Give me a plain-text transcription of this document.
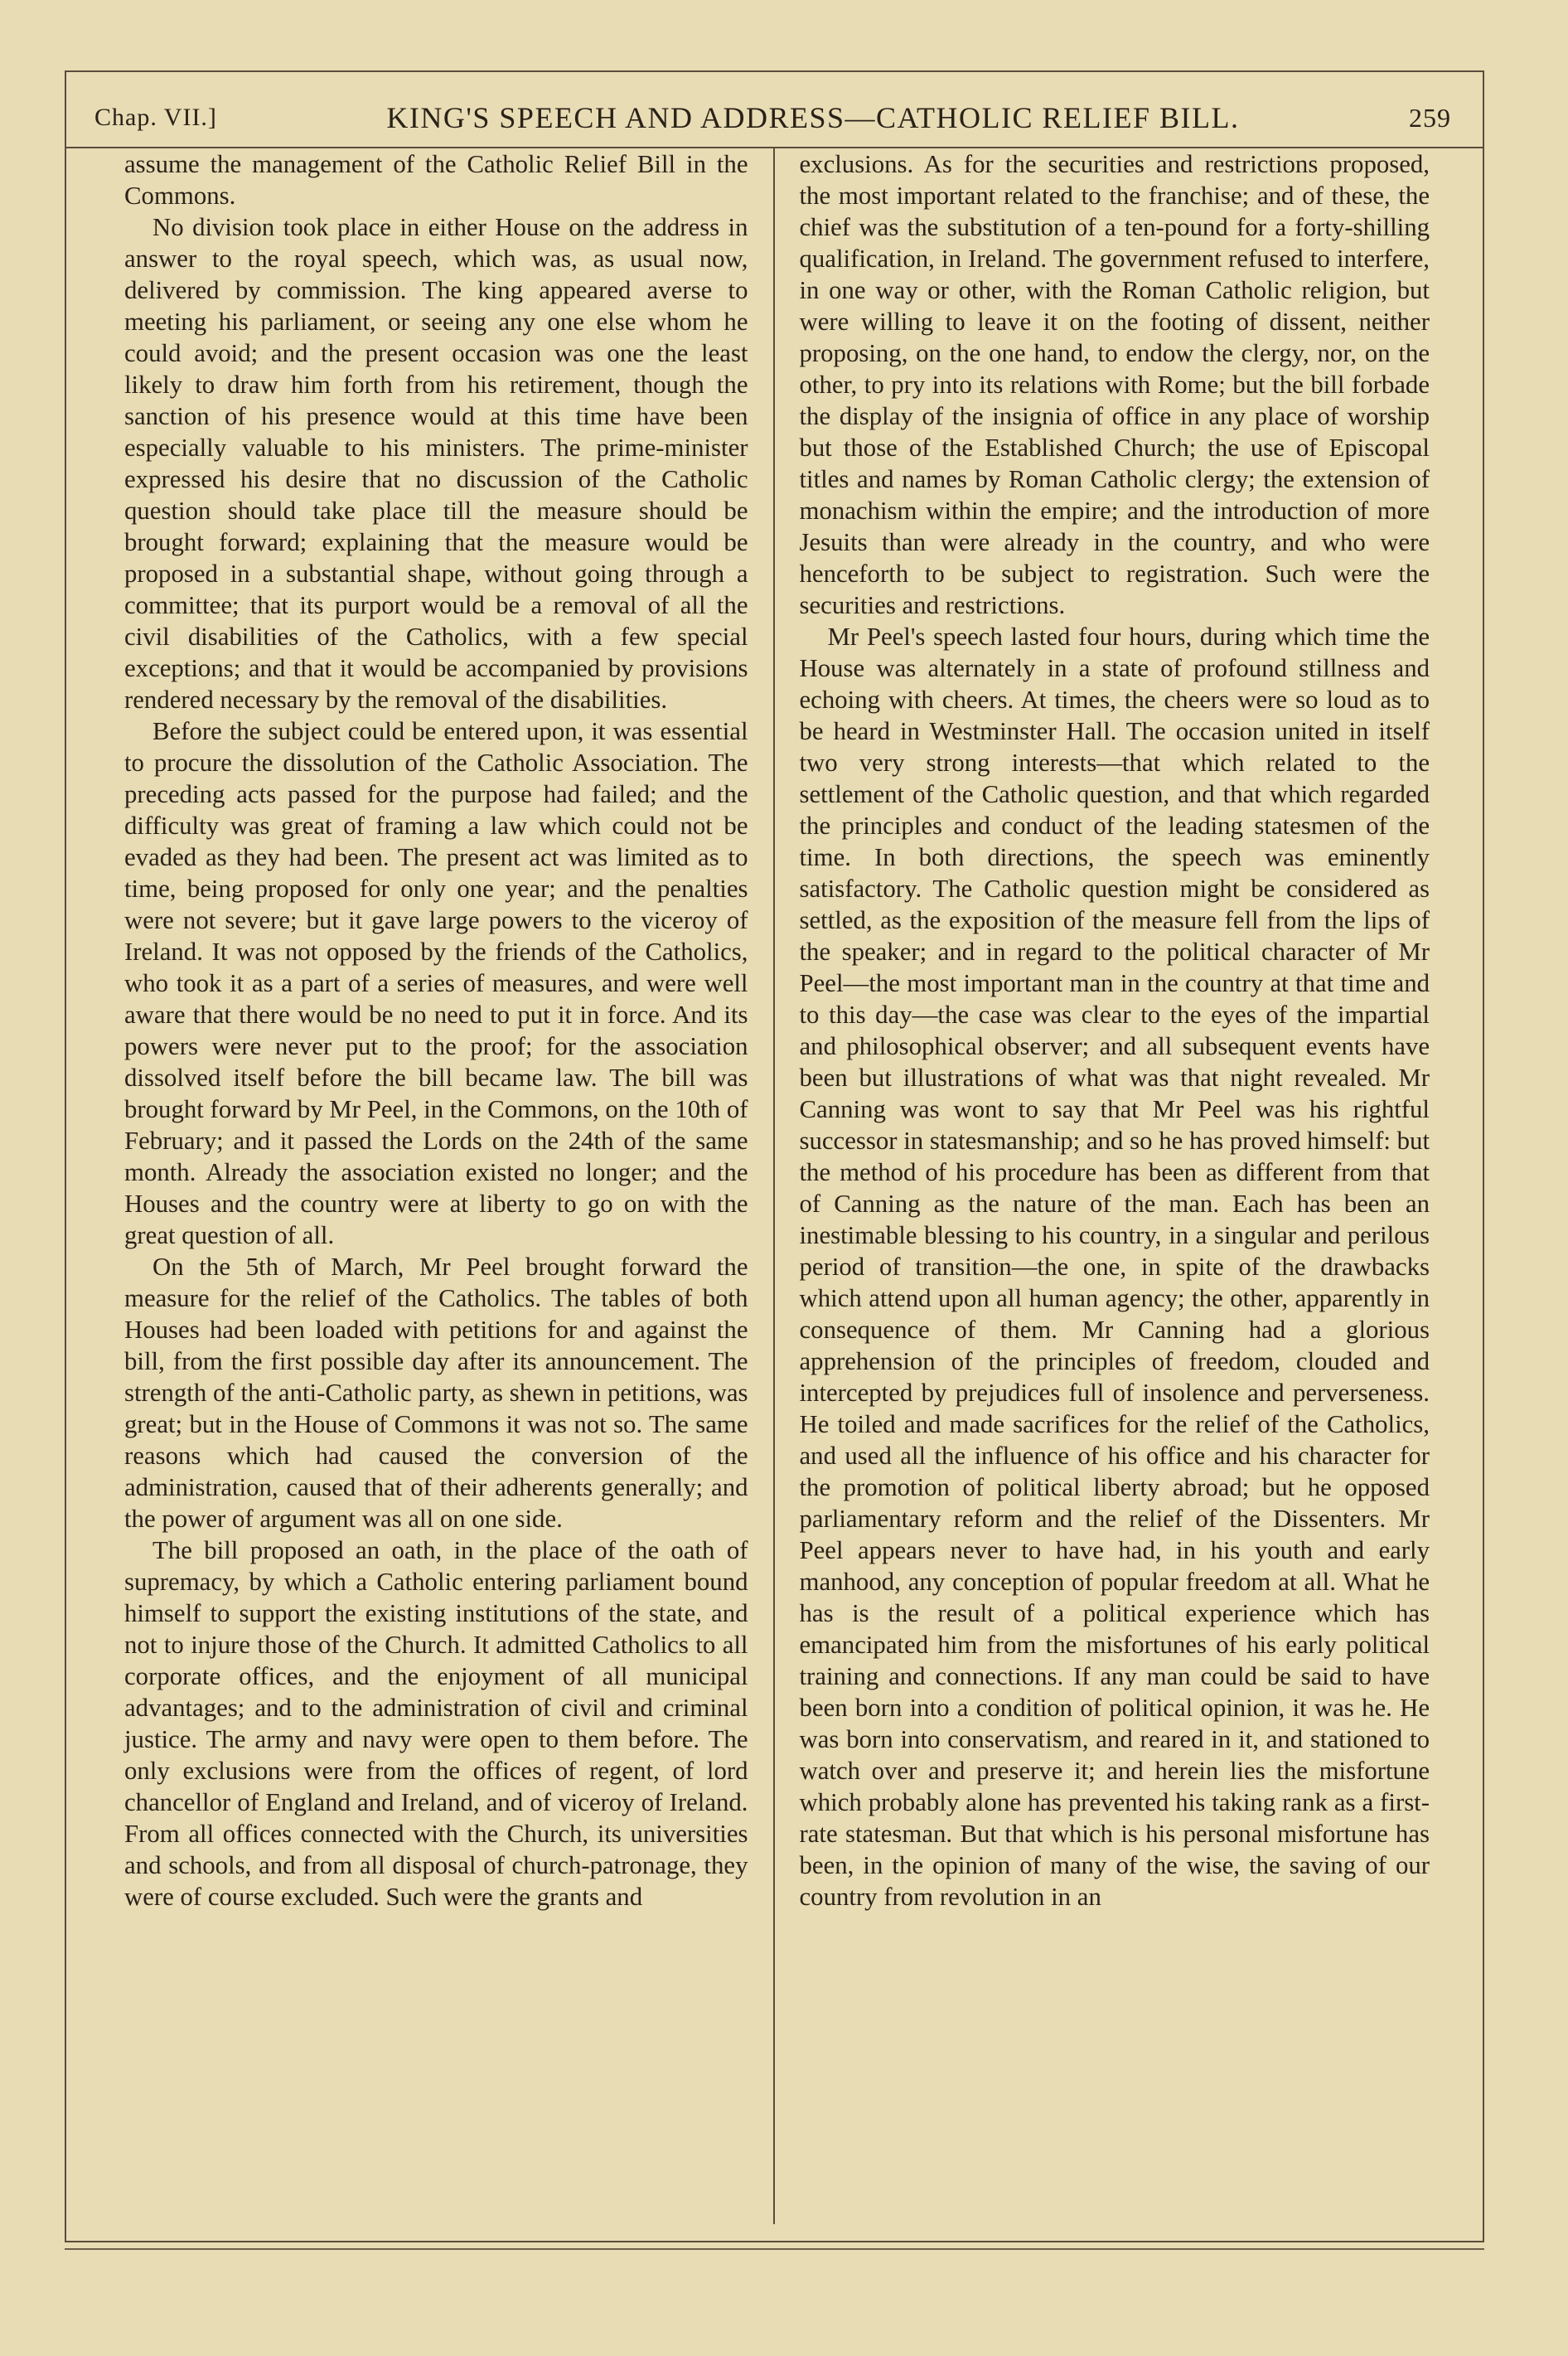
Chap. VII.]	KING'S SPEECH AND ADDRESS—CATHOLIC RELIEF BILL.	259

assume the management of the Catholic Relief Bill in the Commons.

No division took place in either House on the address in answer to the royal speech, which was, as usual now, delivered by commission. The king appeared averse to meeting his parliament, or seeing any one else whom he could avoid; and the present occasion was one the least likely to draw him forth from his retirement, though the sanction of his presence would at this time have been especially valuable to his ministers. The prime-minister expressed his desire that no discussion of the Catholic question should take place till the measure should be brought forward; explaining that the measure would be proposed in a substantial shape, without going through a committee; that its purport would be a removal of all the civil disabilities of the Catholics, with a few special exceptions; and that it would be accompanied by provisions rendered necessary by the removal of the disabilities.

Before the subject could be entered upon, it was essential to procure the dissolution of the Catholic Association. The preceding acts passed for the purpose had failed; and the difficulty was great of framing a law which could not be evaded as they had been. The present act was limited as to time, being proposed for only one year; and the penalties were not severe; but it gave large powers to the viceroy of Ireland. It was not opposed by the friends of the Catholics, who took it as a part of a series of measures, and were well aware that there would be no need to put it in force. And its powers were never put to the proof; for the association dissolved itself before the bill became law. The bill was brought forward by Mr Peel, in the Commons, on the 10th of February; and it passed the Lords on the 24th of the same month. Already the association existed no longer; and the Houses and the country were at liberty to go on with the great question of all.

On the 5th of March, Mr Peel brought forward the measure for the relief of the Catholics. The tables of both Houses had been loaded with petitions for and against the bill, from the first possible day after its announcement. The strength of the anti-Catholic party, as shewn in petitions, was great; but in the House of Commons it was not so. The same reasons which had caused the conversion of the administration, caused that of their adherents generally; and the power of argument was all on one side.

The bill proposed an oath, in the place of the oath of supremacy, by which a Catholic entering parliament bound himself to support the existing institutions of the state, and not to injure those of the Church. It admitted Catholics to all corporate offices, and the enjoyment of all municipal advantages; and to the administration of civil and criminal justice. The army and navy were open to them before. The only exclusions were from the offices of regent, of lord chancellor of England and Ireland, and of viceroy of Ireland. From all offices connected with the Church, its universities and schools, and from all disposal of church-patronage, they were of course excluded. Such were the grants and

exclusions. As for the securities and restrictions proposed, the most important related to the franchise; and of these, the chief was the substitution of a ten-pound for a forty-shilling qualification, in Ireland. The government refused to interfere, in one way or other, with the Roman Catholic religion, but were willing to leave it on the footing of dissent, neither proposing, on the one hand, to endow the clergy, nor, on the other, to pry into its relations with Rome; but the bill forbade the display of the insignia of office in any place of worship but those of the Established Church; the use of Episcopal titles and names by Roman Catholic clergy; the extension of monachism within the empire; and the introduction of more Jesuits than were already in the country, and who were henceforth to be subject to registration. Such were the securities and restrictions.

Mr Peel's speech lasted four hours, during which time the House was alternately in a state of profound stillness and echoing with cheers. At times, the cheers were so loud as to be heard in Westminster Hall. The occasion united in itself two very strong interests—that which related to the settlement of the Catholic question, and that which regarded the principles and conduct of the leading statesmen of the time. In both directions, the speech was eminently satisfactory. The Catholic question might be considered as settled, as the exposition of the measure fell from the lips of the speaker; and in regard to the political character of Mr Peel—the most important man in the country at that time and to this day—the case was clear to the eyes of the impartial and philosophical observer; and all subsequent events have been but illustrations of what was that night revealed. Mr Canning was wont to say that Mr Peel was his rightful successor in statesmanship; and so he has proved himself: but the method of his procedure has been as different from that of Canning as the nature of the man. Each has been an inestimable blessing to his country, in a singular and perilous period of transition—the one, in spite of the drawbacks which attend upon all human agency; the other, apparently in consequence of them. Mr Canning had a glorious apprehension of the principles of freedom, clouded and intercepted by prejudices full of insolence and perverseness. He toiled and made sacrifices for the relief of the Catholics, and used all the influence of his office and his character for the promotion of political liberty abroad; but he opposed parliamentary reform and the relief of the Dissenters. Mr Peel appears never to have had, in his youth and early manhood, any conception of popular freedom at all. What he has is the result of a political experience which has emancipated him from the misfortunes of his early political training and connections. If any man could be said to have been born into a condition of political opinion, it was he. He was born into conservatism, and reared in it, and stationed to watch over and preserve it; and herein lies the misfortune which probably alone has prevented his taking rank as a first-rate statesman. But that which is his personal misfortune has been, in the opinion of many of the wise, the saving of our country from revolution in an
